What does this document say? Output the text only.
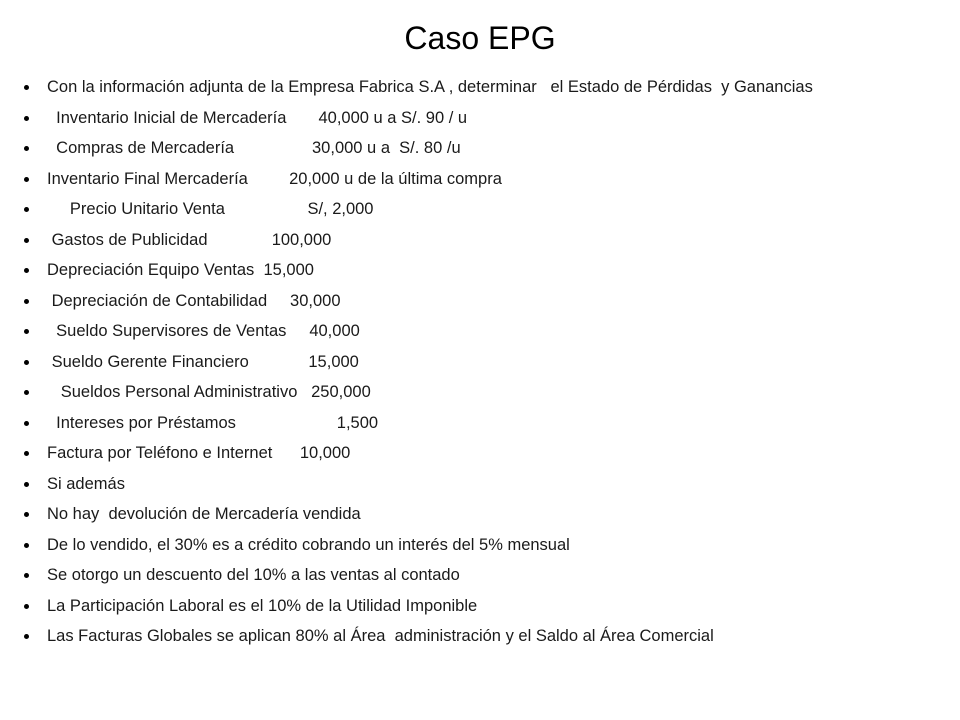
Caso EPG
Con la información adjunta de la Empresa Fabrica S.A , determinar   el Estado de Pérdidas  y Ganancias
Inventario Inicial de Mercadería       40,000 u a S/. 90 / u
Compras de Mercadería                 30,000 u a  S/. 80 /u
Inventario Final Mercadería         20,000 u de la última compra
Precio Unitario Venta                  S/, 2,000
Gastos de Publicidad              100,000
Depreciación Equipo Ventas  15,000
Depreciación de Contabilidad     30,000
Sueldo Supervisores de Ventas     40,000
Sueldo Gerente Financiero             15,000
Sueldos Personal Administrativo   250,000
Intereses por Préstamos                      1,500
Factura por Teléfono e Internet      10,000
Si además
No hay  devolución de Mercadería vendida
De lo vendido, el 30% es a crédito cobrando un interés del 5% mensual
Se otorgo un descuento del 10% a las ventas al contado
La Participación Laboral es el 10% de la Utilidad Imponible
Las Facturas Globales se aplican 80% al Área  administración y el Saldo al Área Comercial
